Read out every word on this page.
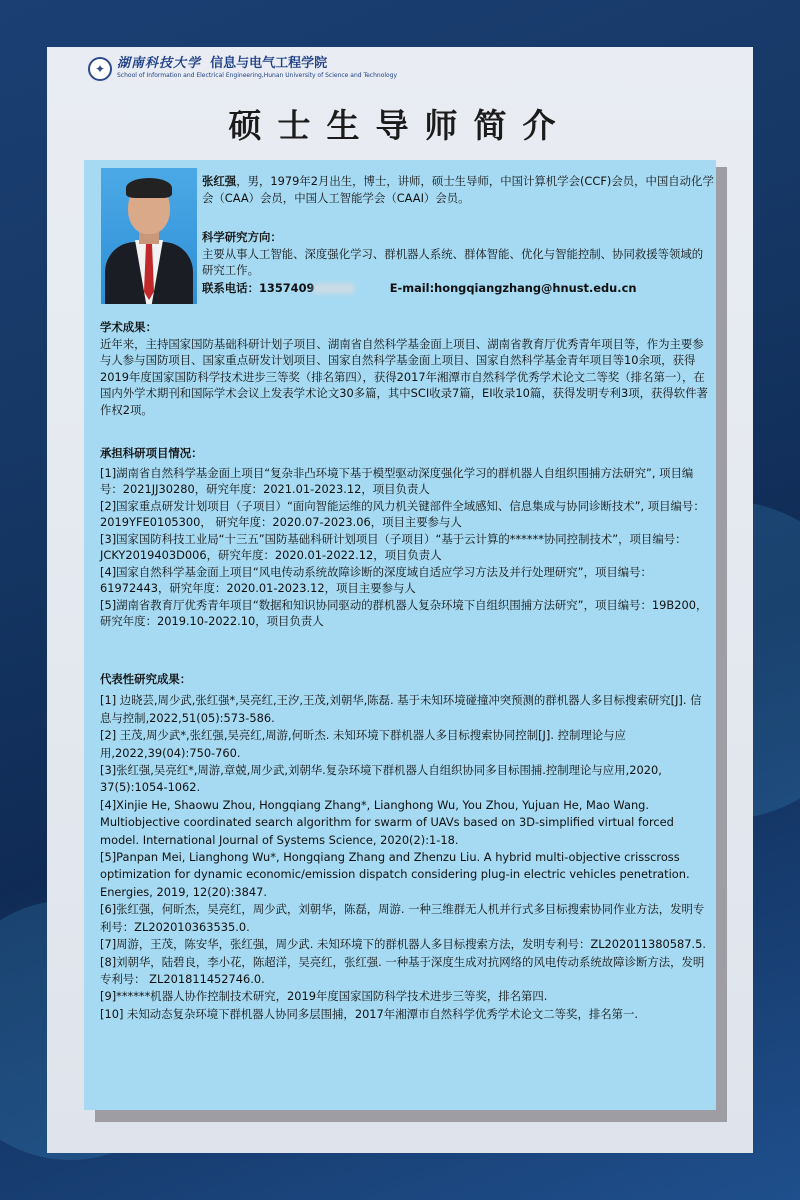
✦ 湖南科技大学 信息与电气工程学院
School of Information and Electrical Engineering,Hunan University of Science and Technology
硕士生导师简介
张红强，男，1979年2月出生，博士，讲师，硕士生导师，中国计算机学会(CCF)会员，中国自动化学会（CAA）会员，中国人工智能学会（CAAI）会员。
科学研究方向：
主要从事人工智能、深度强化学习、群机器人系统、群体智能、优化与智能控制、协同救援等领域的研究工作。
联系电话：1357409	E-mail:hongqiangzhang@hnust.edu.cn
学术成果：
近年来，主持国家国防基础科研计划子项目、湖南省自然科学基金面上项目、湖南省教育厅优秀青年项目等，作为主要参与人参与国防项目、国家重点研发计划项目、国家自然科学基金面上项目、国家自然科学基金青年项目等10余项，获得2019年度国家国防科学技术进步三等奖（排名第四），获得2017年湘潭市自然科学优秀学术论文二等奖（排名第一），在国内外学术期刊和国际学术会议上发表学术论文30多篇，其中SCI收录7篇，EI收录10篇，获得发明专利3项，获得软件著作权2项。
承担科研项目情况：
[1]湖南省自然科学基金面上项目“复杂非凸环境下基于模型驱动深度强化学习的群机器人自组织围捕方法研究”, 项目编号：2021JJ30280，研究年度：2021.01-2023.12，项目负责人
[2]国家重点研发计划项目（子项目）“面向智能运维的风力机关键部件全域感知、信息集成与协同诊断技术”, 项目编号：2019YFE0105300， 研究年度：2020.07-2023.06，项目主要参与人
[3]国家国防科技工业局“十三五”国防基础科研计划项目（子项目）“基于云计算的******协同控制技术”，项目编号：JCKY2019403D006，研究年度：2020.01-2022.12，项目负责人
[4]国家自然科学基金面上项目“风电传动系统故障诊断的深度域自适应学习方法及并行处理研究”，项目编号：61972443，研究年度：2020.01-2023.12，项目主要参与人
[5]湖南省教育厅优秀青年项目“数据和知识协同驱动的群机器人复杂环境下自组织围捕方法研究”，项目编号：19B200，研究年度：2019.10-2022.10，项目负责人
代表性研究成果：
[1] 边晓芸,周少武,张红强*,吴亮红,王汐,王茂,刘朝华,陈磊. 基于未知环境碰撞冲突预测的群机器人多目标搜索研究[J]. 信息与控制,2022,51(05):573-586.
[2] 王茂,周少武*,张红强,吴亮红,周游,何昕杰. 未知环境下群机器人多目标搜索协同控制[J]. 控制理论与应用,2022,39(04):750-760.
[3]张红强,吴亮红*,周游,章兢,周少武,刘朝华.复杂环境下群机器人自组织协同多目标围捕.控制理论与应用,2020, 37(5):1054-1062.
[4]Xinjie He, Shaowu Zhou, Hongqiang Zhang*, Lianghong Wu, You Zhou, Yujuan He, Mao Wang. Multiobjective coordinated search algorithm for swarm of UAVs based on 3D-simplified virtual forced model. International Journal of Systems Science, 2020(2):1-18.
[5]Panpan Mei, Lianghong Wu*, Hongqiang Zhang and Zhenzu Liu. A hybrid multi-objective crisscross optimization for dynamic economic/emission dispatch considering plug-in electric vehicles penetration. Energies, 2019, 12(20):3847.
[6]张红强，何昕杰，吴亮红，周少武，刘朝华，陈磊，周游. 一种三维群无人机并行式多目标搜索协同作业方法，发明专利号：ZL202010363535.0.
[7]周游，王茂，陈安华，张红强，周少武. 未知环境下的群机器人多目标搜索方法，发明专利号：ZL202011380587.5.
[8]刘朝华，陆碧良，李小花，陈超洋，吴亮红，张红强. 一种基于深度生成对抗网络的风电传动系统故障诊断方法，发明专利号： ZL201811452746.0.
[9]******机器人协作控制技术研究，2019年度国家国防科学技术进步三等奖，排名第四.
[10] 未知动态复杂环境下群机器人协同多层围捕，2017年湘潭市自然科学优秀学术论文二等奖，排名第一.
